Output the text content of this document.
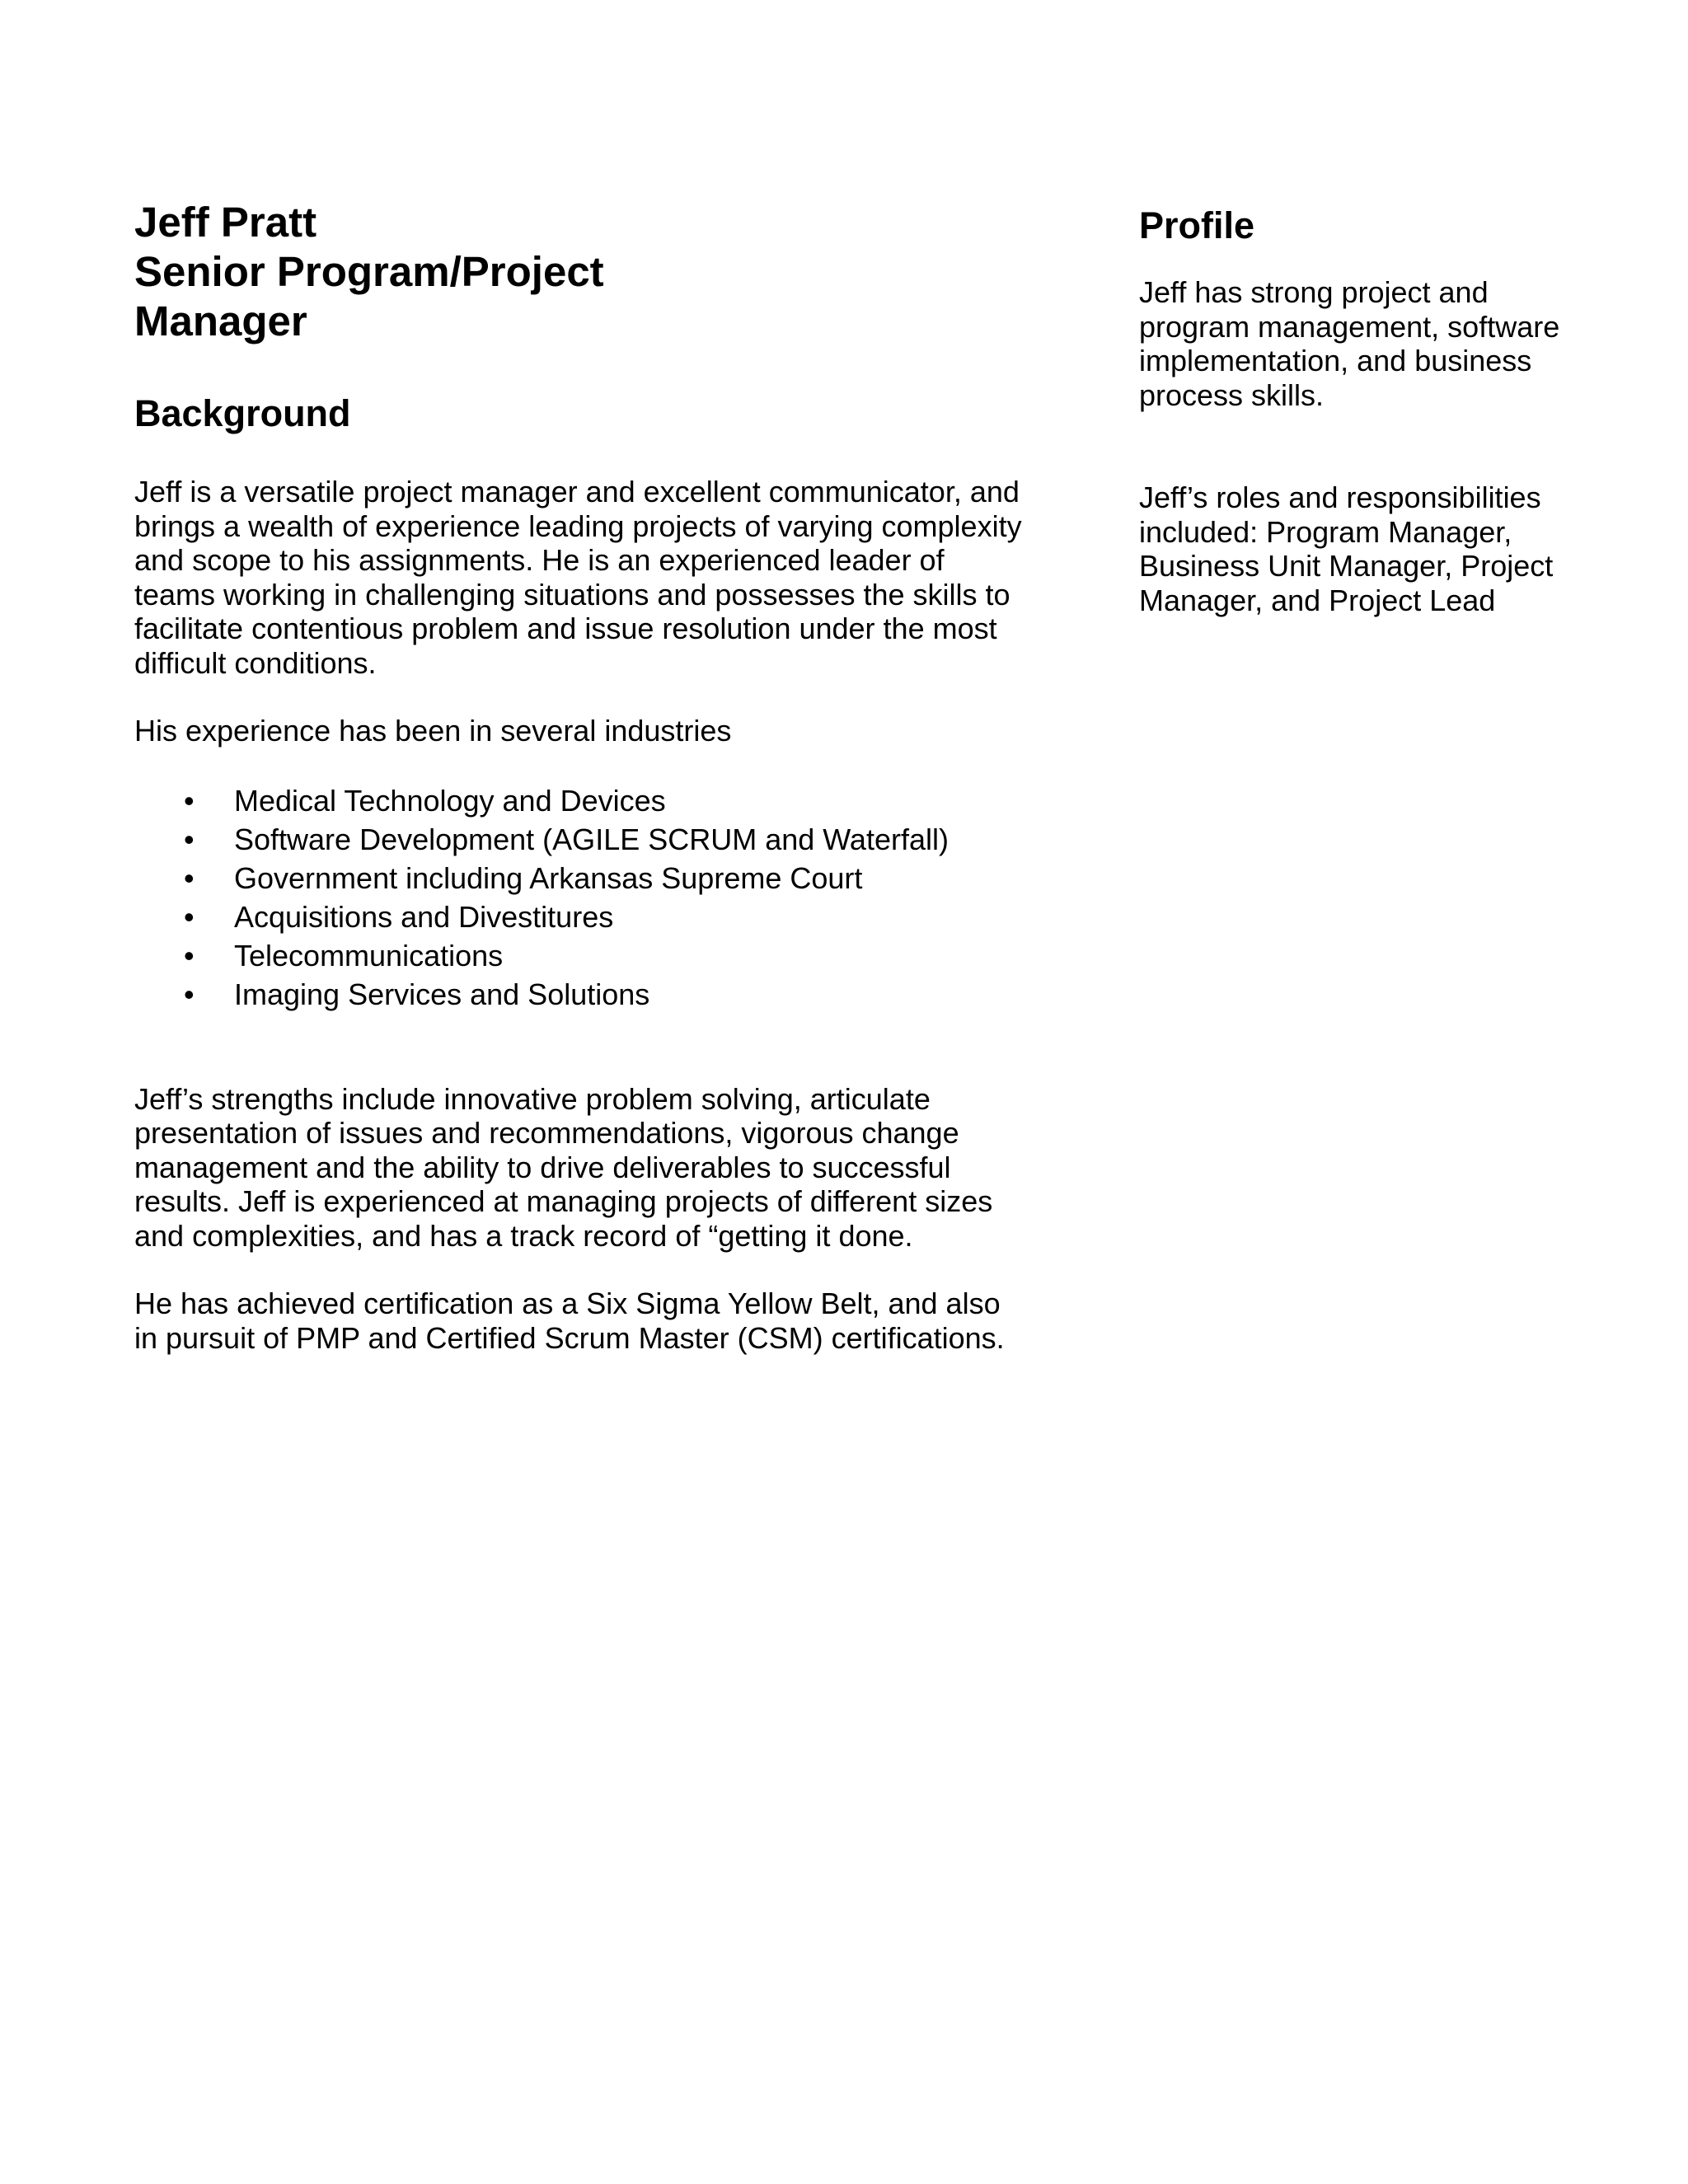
Jeff Pratt
Senior Program/Project
Manager
Background

Jeff is a versatile project manager and excellent communicator, and brings a wealth of experience leading projects of varying complexity and scope to his assignments. He is an experienced leader of teams working in challenging situations and possesses the skills to facilitate contentious problem and issue resolution under the most difficult conditions.

His experience has been in several industries

• Medical Technology and Devices
• Software Development (AGILE SCRUM and Waterfall)
• Government including Arkansas Supreme Court
• Acquisitions and Divestitures
• Telecommunications
• Imaging Services and Solutions

Jeff’s strengths include innovative problem solving, articulate presentation of issues and recommendations, vigorous change management and the ability to drive deliverables to successful results. Jeff is experienced at managing projects of different sizes and complexities, and has a track record of “getting it done.

He has achieved certification as a Six Sigma Yellow Belt, and also in pursuit of PMP and Certified Scrum Master (CSM) certifications.

Profile

Jeff has strong project and program management, software implementation, and business process skills.

Jeff’s roles and responsibilities included: Program Manager, Business Unit Manager, Project Manager, and Project Lead
